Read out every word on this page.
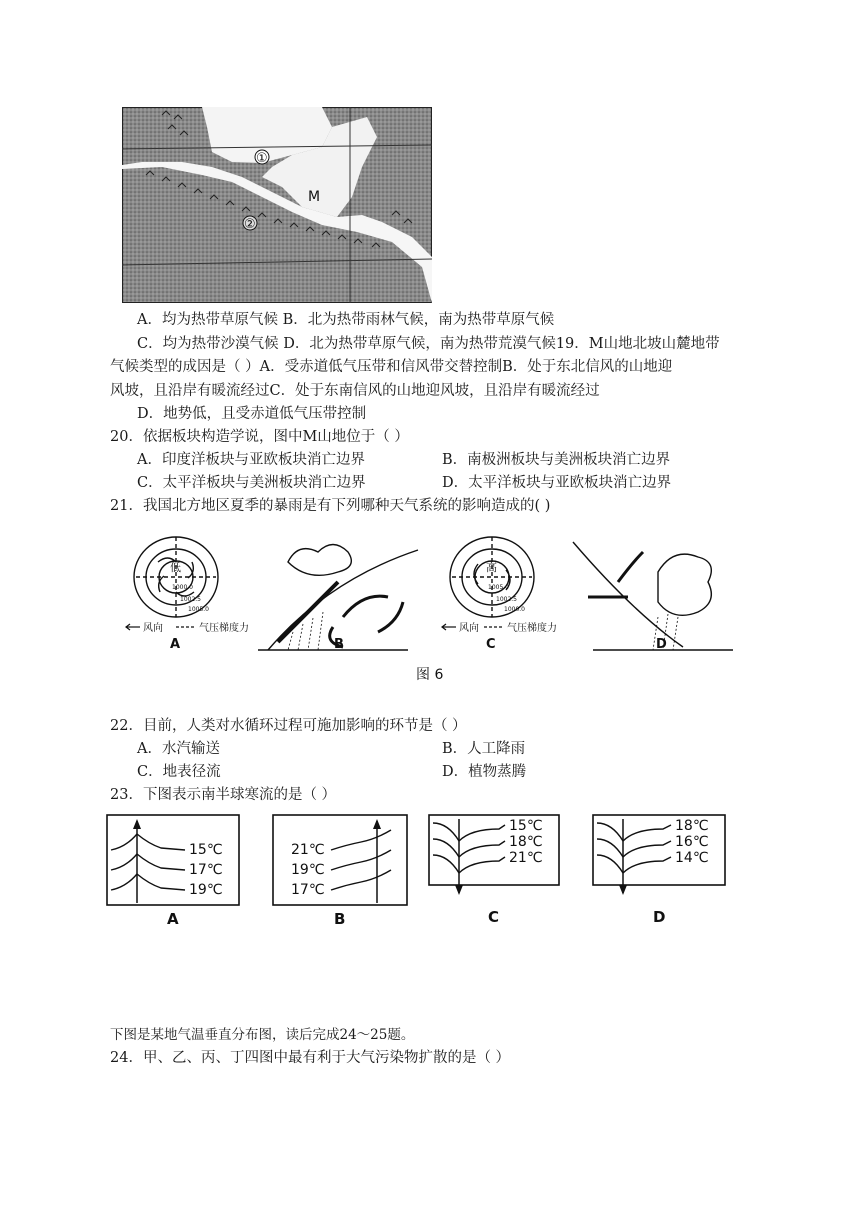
①
②
M
A．均为热带草原气候 B．北为热带雨林气候，南为热带草原气候
C．均为热带沙漠气候 D．北为热带草原气候，南为热带荒漠气候19．M山地北坡山麓地带
气候类型的成因是（ ）A．受赤道低气压带和信风带交替控制B．处于东北信风的山地迎
风坡，且沿岸有暖流经过C．处于东南信风的山地迎风坡，且沿岸有暖流经过
D．地势低，且受赤道低气压带控制
20．依据板块构造学说，图中M山地位于（ ）
A．印度洋板块与亚欧板块消亡边界	B．南极洲板块与美洲板块消亡边界
C．太平洋板块与美洲板块消亡边界	D．太平洋板块与亚欧板块消亡边界
21．我国北方地区夏季的暴雨是有下列哪种天气系统的影响造成的( )
低	高
1000.0
1002.5
1005.0
1005.0
1002.5
1000.0
风向	气压梯度力	风向	气压梯度力
A	B	C	D
图 6
22．目前，人类对水循环过程可施加影响的环节是（ ）
A．水汽输送	B．人工降雨
C．地表径流	D．植物蒸腾
23．下图表示南半球寒流的是（ ）
15℃
17℃
19℃
A
21℃
19℃
17℃
B
15℃
18℃
21℃
C
18℃
16℃
14℃
D
下图是某地气温垂直分布图，读后完成24～25题。
24．甲、乙、丙、丁四图中最有利于大气污染物扩散的是（ ）
